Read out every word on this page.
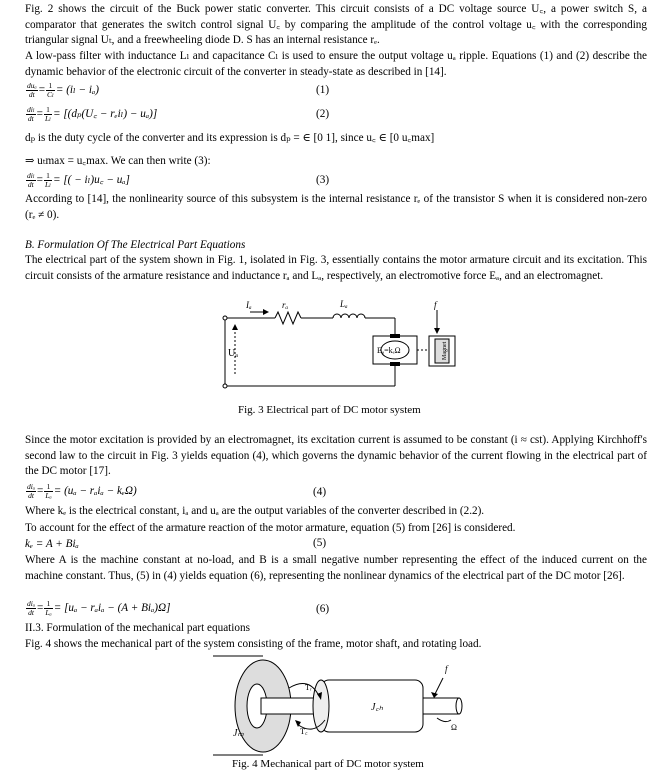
Fig. 2 shows the circuit of the Buck power static converter. This circuit consists of a DC voltage source U꜀, a power switch S, a comparator that generates the switch control signal U꜀ by comparing the amplitude of the control voltage u꜀ with the corresponding triangular signal Uₜ, and a freewheeling diode D. S has an internal resistance rₑ.
A low-pass filter with inductance Lₗ and capacitance Cₗ is used to ensure the output voltage uₐ ripple. Equations (1) and (2) describe the dynamic behavior of the electronic circuit of the converter in steady-state as described in [14].
$\frac{\text{duₐ}}{dt} = \frac{1}{\text{Cₗ}} = (i_l - i_a)$	(1)
$\frac{\text{diₗ}}{dt} = \frac{1}{\text{Lₗ}}$ = [(dₚ(U꜀ − rₑiₗ) − uₐ)]	(2)
dₚ is the duty cycle of the converter and its expression is dₚ = ∈ [0 1], since u꜀ ∈ [0 u꜀max]
⇒ uₜmax = u꜀max. We can then write (3):
$\frac{\text{diₗ}}{dt} = \frac{1}{\text{Lₗ}}$ = [( − iₗ)u꜀ − uₐ]	(3)
According to [14], the nonlinearity source of this subsystem is the internal resistance rₑ of the transistor S when it is considered non-zero (rₑ ≠ 0).
B. Formulation Of The Electrical Part Equations
The electrical part of the system shown in Fig. 1, isolated in Fig. 3, essentially contains the motor armature circuit and its excitation. This circuit consists of the armature resistance and inductance rₐ and Lₐ, respectively, an electromotive force Eₐ, and an electromagnet.
Iₐ	rₐ	Lₐ
Uₐ	Eₐ=kₑΩ
f
Magnet
Fig. 3 Electrical part of DC motor system
Since the motor excitation is provided by an electromagnet, its excitation current is assumed to be constant (i ≈ cst). Applying Kirchhoff's second law to the circuit in Fig. 3 yields equation (4), which governs the dynamic behavior of the current flowing in the electrical part of the DC motor [17].
$\frac{\text{diₐ}}{dt} = \frac{1}{\text{Lₐ}} = (u_a - r_ai_a - k_e\Omega)$	(4)
Where kₑ is the electrical constant, iₐ and uₐ are the output variables of the converter described in (2.2).
To account for the effect of the armature reaction of the motor armature, equation (5) from [26] is considered.
kₑ = A + Biₐ	(5)
Where A is the machine constant at no-load, and B is a small negative number representing the effect of the induced current on the machine constant. Thus, (5) in (4) yields equation (6), representing the nonlinear dynamics of the electrical part of the DC motor [26].
$\frac{\text{diₐ}}{dt} = \frac{1}{\text{Lₐ}} = [u_a - r_ai_a - (A + Bi_a)\Omega]$	(6)
II.3. Formulation of the mechanical part equations
Fig. 4 shows the mechanical part of the system consisting of the frame, motor shaft, and rotating load.
Jₘ
J꜀ₕ
Tᵣ
T꜀
f
Ω
Fig. 4 Mechanical part of DC motor system
